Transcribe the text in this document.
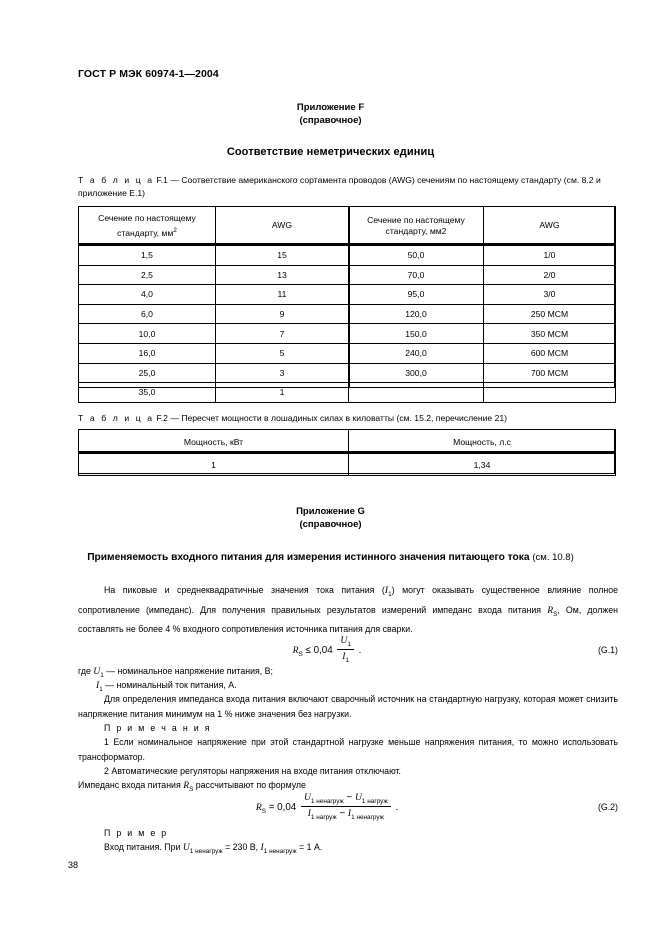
ГОСТ Р МЭК 60974-1—2004
Приложение F
(справочное)
Соответствие неметрических единиц
Т а б л и ц а F.1 — Соответствие американского сортамента проводов (AWG) сечениям по настоящему стандарту (см. 8.2 и приложение Е.1)
Сечение по настоящему стандарту, $мм^2$	AWG	Сечение по настоящему стандарту, мм2	AWG
1,5	15	50,0	1/0
2,5	13	70,0	2/0
4,0	11	95,0	3/0
6,0	9	120,0	250 MCM
10,0	7	150,0	350 MCM
16,0	5	240,0	600 MCM
25,0	3	300,0	700 MCM
35,0	1		
Т а б л и ц а F.2 — Пересчет мощности в лошадиных силах в киловатты (см. 15.2, перечисление 21)
Мощность, кВт	Мощность, л.с
1	1,34
Приложение G
(справочное)
Применяемость входного питания для измерения истинного значения питающего тока (см. 10.8)
На пиковые и среднеквадратичные значения тока питания $(I_1)$ могут оказывать существенное влияние полное сопротивление (импеданс). Для получения правильных результатов измерений импеданс входа питания $R_S$, Ом, должен составлять не более 4 % входного сопротивления источника питания для сварки.
$R_S \le 0,04 \frac{U_1}{I_1}$ .	(G.1)
где $U_1$ — номинальное напряжение питания, В;
$I_1$ — номинальный ток питания, А.
Для определения импеданса входа питания включают сварочный источник на стандартную нагрузку, которая может снизить напряжение питания минимум на 1 % ниже значения без нагрузки.
П р и м е ч а н и я
1 Если номинальное напряжение при этой стандартной нагрузке меньше напряжения питания, то можно использовать трансформатор.
2 Автоматические регуляторы напряжения на входе питания отключают.
Импеданс входа питания $R_S$ рассчитывают по формуле
$R_S = 0,04 \frac{U_{1 ненагруж} - U_{1 нагруж}}{I_{1 нагруж} - I_{1 ненагруж}}$ .	(G.2)
П р и м е р
Вход питания. При $U_{1 ненагруж} = 230$ В, $I_{1 ненагруж} = 1$ А.
38
